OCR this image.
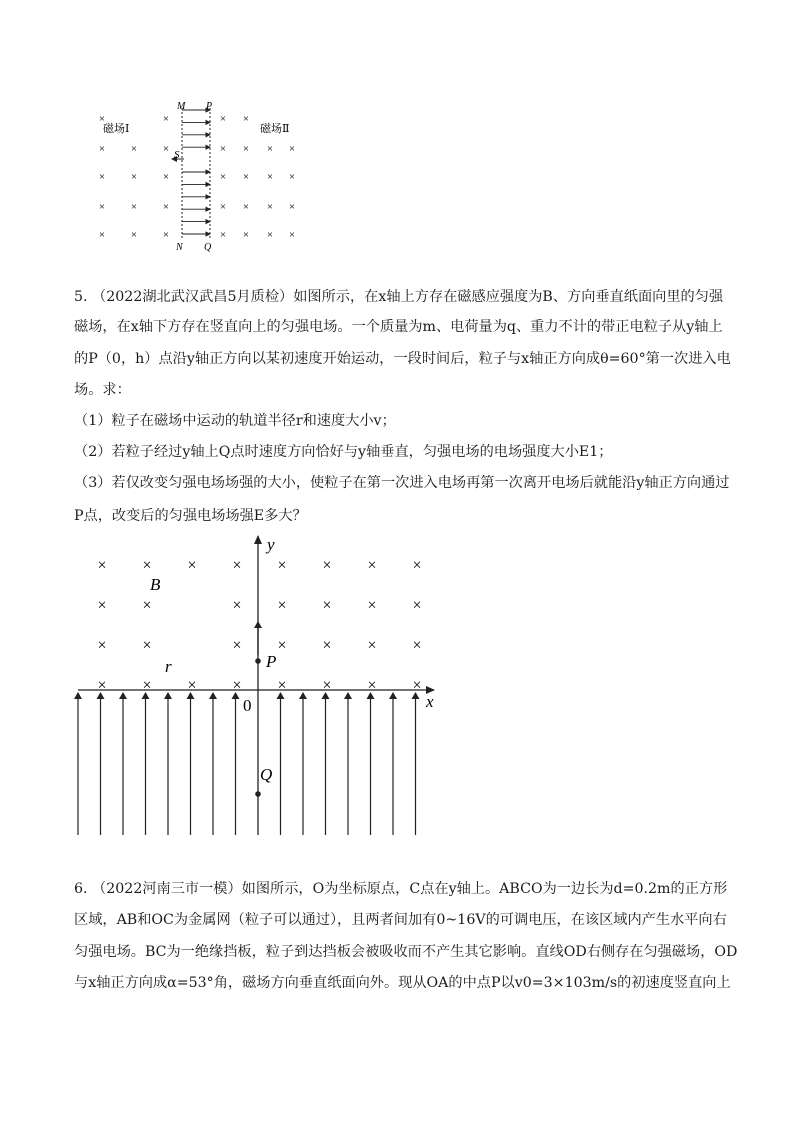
×	×	× ×
× × ×	× × × ×
× × ×	× × × ×
× × ×	× × × ×
× × ×	× × × ×
M P
S
N Q
磁场Ⅰ	磁场Ⅱ
5. （2022湖北武汉武昌5月质检）如图所示，在x轴上方存在磁感应强度为B、方向垂直纸面向里的匀强
磁场，在x轴下方存在竖直向上的匀强电场。一个质量为m、电荷量为q、重力不计的带正电粒子从y轴上
的P（0，h）点沿y轴正方向以某初速度开始运动，一段时间后，粒子与x轴正方向成θ=60°第一次进入电
场。求：
（1）粒子在磁场中运动的轨道半径r和速度大小v；
（2）若粒子经过y轴上Q点时速度方向恰好与y轴垂直，匀强电场的电场强度大小E1；
（3）若仅改变匀强电场场强的大小，使粒子在第一次进入电场再第一次离开电场后就能沿y轴正方向通过
P点，改变后的匀强电场场强E多大？
× × × × × × × ×
× ×	× × × × ×
× ×	× × × × ×
× × × × × × × ×
y
x
B
r	P
0
Q
6. （2022河南三市一模）如图所示，O为坐标原点，C点在y轴上。ABCO为一边长为d=0.2m的正方形
区域，AB和OC为金属网（粒子可以通过），且两者间加有0~16V的可调电压，在该区域内产生水平向右
匀强电场。BC为一绝缘挡板，粒子到达挡板会被吸收而不产生其它影响。直线OD右侧存在匀强磁场，OD
与x轴正方向成α=53°角，磁场方向垂直纸面向外。现从OA的中点P以v0=3×103m/s的初速度竖直向上
